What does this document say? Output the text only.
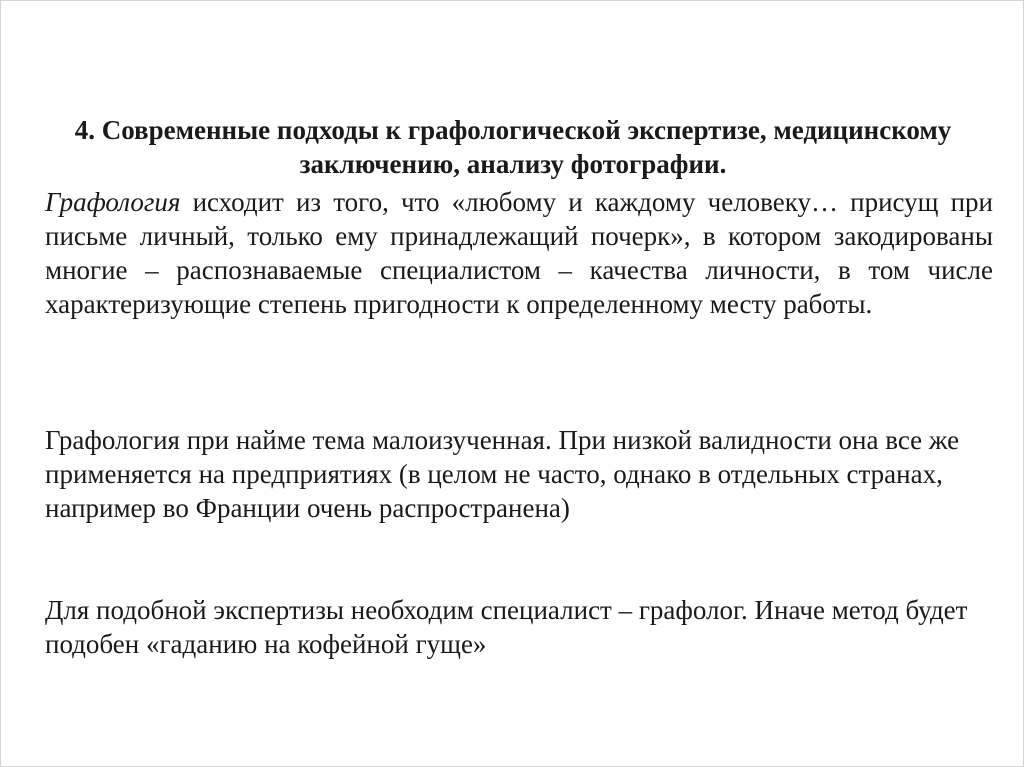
4. Современные подходы к графологической экспертизе, медицинскому заключению, анализу фотографии.

Графология исходит из того, что «любому и каждому человеку… присущ при письме личный, только ему принадлежащий почерк», в котором закодированы многие – распознаваемые специалистом – качества личности, в том числе характеризующие степень пригодности к определенному месту работы.

Графология при найме тема малоизученная. При низкой валидности она все же применяется на предприятиях (в целом не часто, однако в отдельных странах, например во Франции очень распространена)

Для подобной экспертизы необходим специалист – графолог. Иначе метод будет подобен «гаданию на кофейной гуще»
